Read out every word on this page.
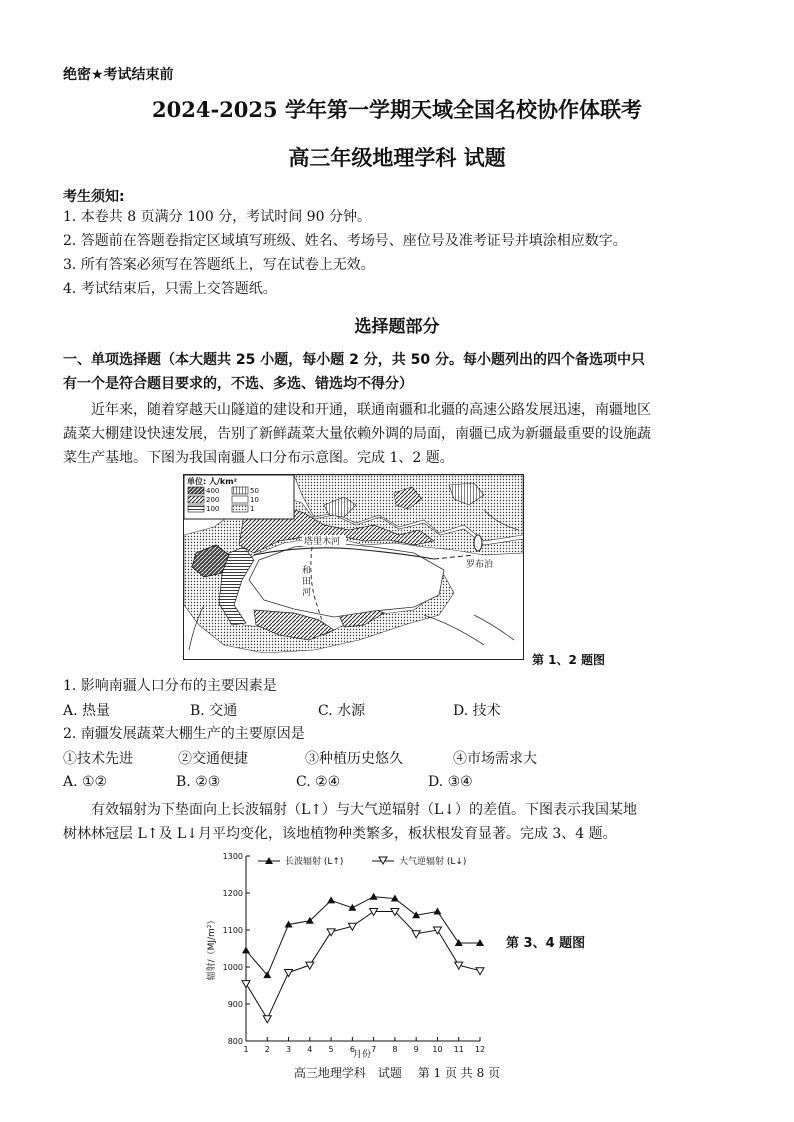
绝密★考试结束前
2024-2025 学年第一学期天域全国名校协作体联考
高三年级地理学科 试题
考生须知:
1. 本卷共 8 页满分 100 分，考试时间 90 分钟。
2. 答题前在答题卷指定区域填写班级、姓名、考场号、座位号及准考证号并填涂相应数字。
3. 所有答案必须写在答题纸上，写在试卷上无效。
4. 考试结束后，只需上交答题纸。
选择题部分
一、单项选择题（本大题共 25 小题，每小题 2 分，共 50 分。每小题列出的四个备选项中只
有一个是符合题目要求的，不选、多选、错选均不得分）
近年来，随着穿越天山隧道的建设和开通，联通南疆和北疆的高速公路发展迅速，南疆地区
蔬菜大棚建设快速发展，告别了新鲜蔬菜大量依赖外调的局面，南疆已成为新疆最重要的设施蔬
菜生产基地。下图为我国南疆人口分布示意图。完成 1、2 题。
单位: 人/km²
400
200
100
50
10
1
塔里木河
和
田
河
罗布泊
第 1、2 题图
1. 影响南疆人口分布的主要因素是
A. 热量	B. 交通	C. 水源	D. 技术
2. 南疆发展蔬菜大棚生产的主要原因是
①技术先进	②交通便捷	③种植历史悠久	④市场需求大
A. ①②	B. ②③	C. ②④	D. ③④
有效辐射为下垫面向上长波辐射（L↑）与大气逆辐射（L↓）的差值。下图表示我国某地
树林林冠层 L↑及 L↓月平均变化，该地植物种类繁多，板状根发育显著。完成 3、4 题。
800
900
1000
1100
1200
1300
1 2 3 4 5 6 7 8 9 10 11 12
辐射/（MJ/m²）
月份
长波辐射 (L↑)	大气逆辐射 (L↓)
第 3、4 题图
高三地理学科　试题　 第 1 页 共 8 页
